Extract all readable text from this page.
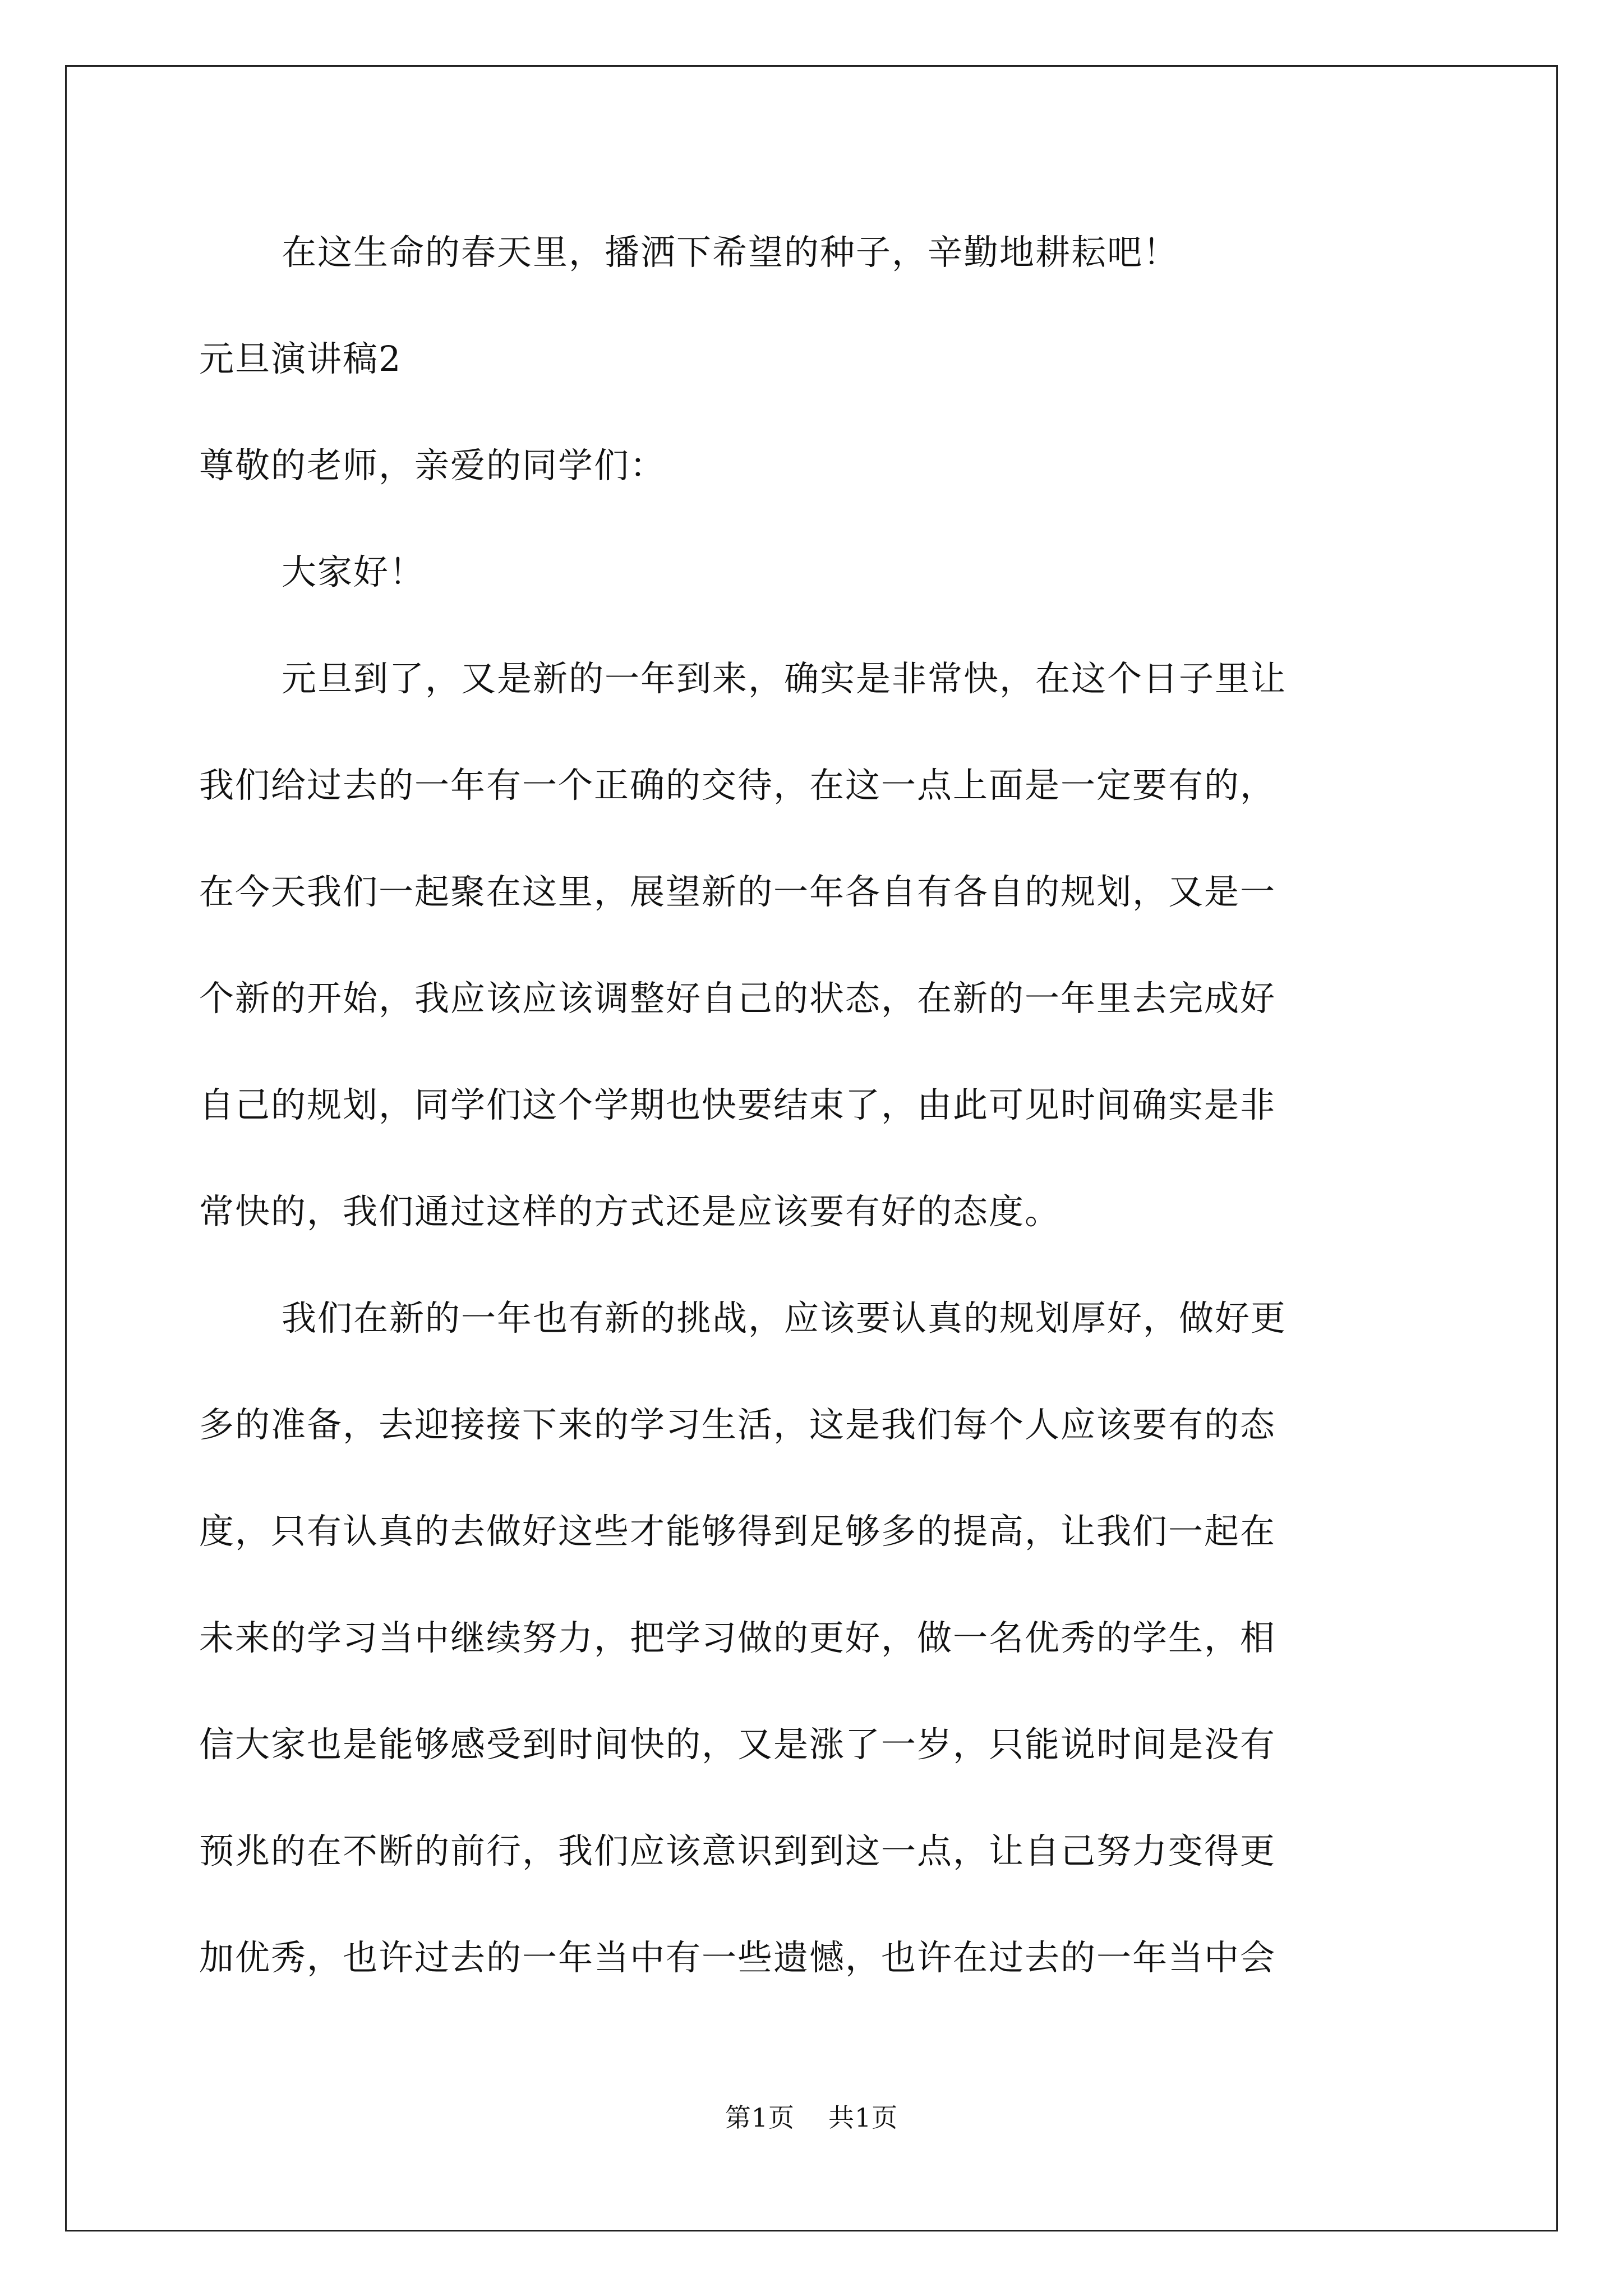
在这生命的春天里，播洒下希望的种子，辛勤地耕耘吧！
元旦演讲稿2
尊敬的老师，亲爱的同学们：
大家好！
元旦到了，又是新的一年到来，确实是非常快，在这个日子里让
我们给过去的一年有一个正确的交待，在这一点上面是一定要有的，
在今天我们一起聚在这里，展望新的一年各自有各自的规划，又是一
个新的开始，我应该应该调整好自己的状态，在新的一年里去完成好
自己的规划，同学们这个学期也快要结束了，由此可见时间确实是非
常快的，我们通过这样的方式还是应该要有好的态度。
我们在新的一年也有新的挑战，应该要认真的规划厚好，做好更
多的准备，去迎接接下来的学习生活，这是我们每个人应该要有的态
度，只有认真的去做好这些才能够得到足够多的提高，让我们一起在
未来的学习当中继续努力，把学习做的更好，做一名优秀的学生，相
信大家也是能够感受到时间快的，又是涨了一岁，只能说时间是没有
预兆的在不断的前行，我们应该意识到到这一点，让自己努力变得更
加优秀，也许过去的一年当中有一些遗憾，也许在过去的一年当中会
第1页 共1页
